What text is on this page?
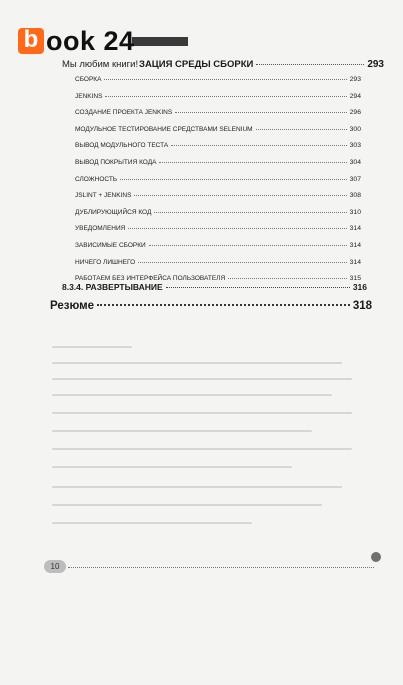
b ook 24
Мы любим книги! ЗАЦИЯ СРЕДЫ СБОРКИ	293
СБОРКА	293
JENKINS	294
СОЗДАНИЕ ПРОЕКТА JENKINS	296
МОДУЛЬНОЕ ТЕСТИРОВАНИЕ СРЕДСТВАМИ SELENIUM	300
ВЫВОД МОДУЛЬНОГО ТЕСТА	303
ВЫВОД ПОКРЫТИЯ КОДА	304
СЛОЖНОСТЬ	307
JSLINT + JENKINS	308
ДУБЛИРУЮЩИЙСЯ КОД	310
УВЕДОМЛЕНИЯ	314
ЗАВИСИМЫЕ СБОРКИ	314
НИЧЕГО ЛИШНЕГО	314
РАБОТАЕМ БЕЗ ИНТЕРФЕЙСА ПОЛЬЗОВАТЕЛЯ	315
8.3.4. РАЗВЕРТЫВАНИЕ	316
Резюме	318
10
